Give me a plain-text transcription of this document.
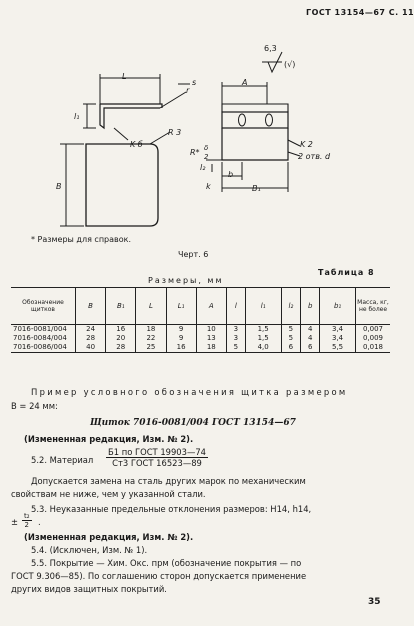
ГОСТ 13154—67 С. 11
L
l₁
K б
r
s
R 3
B
A
6,3
(√)
R* δ
2
l₂
K 2
2 отв. d
b
B₁
k
* Размеры для справок.
Черт. 6
Таблица 8
Размеры, мм
Обозначение щитков	B	B₁	L	L₁	A	l	l₁	l₂	b	b₁	Масса, кг, не более
7016-0081/004	24	16	18	9	10	3	1,5	5	4	3,4	0,007
7016-0084/004	28	20	22	9	13	3	1,5	5	4	3,4	0,009
7016-0086/004	40	28	25	16	18	5	4,0	6	6	5,5	0,018
Пример условного обозначения щитка размером
B = 24 мм:
Щиток 7016-0081/004 ГОСТ 13154—67
(Измененная редакция, Изм. № 2).
5.2. Материал
Б1 по ГОСТ 19903—74
Ст3 ГОСТ 16523—89
Допускается замена на сталь других марок по механическим
свойствам не ниже, чем у указанной стали.
5.3. Неуказанные предельные отклонения размеров: H14, h14,
± $\frac{\text{t₂}}{2}$ .
(Измененная редакция, Изм. № 2).
5.4. (Исключен, Изм. № 1).
5.5. Покрытие — Хим. Окс. прм (обозначение покрытия — по
ГОСТ 9.306—85). По соглашению сторон допускается применение
других видов защитных покрытий.
35
